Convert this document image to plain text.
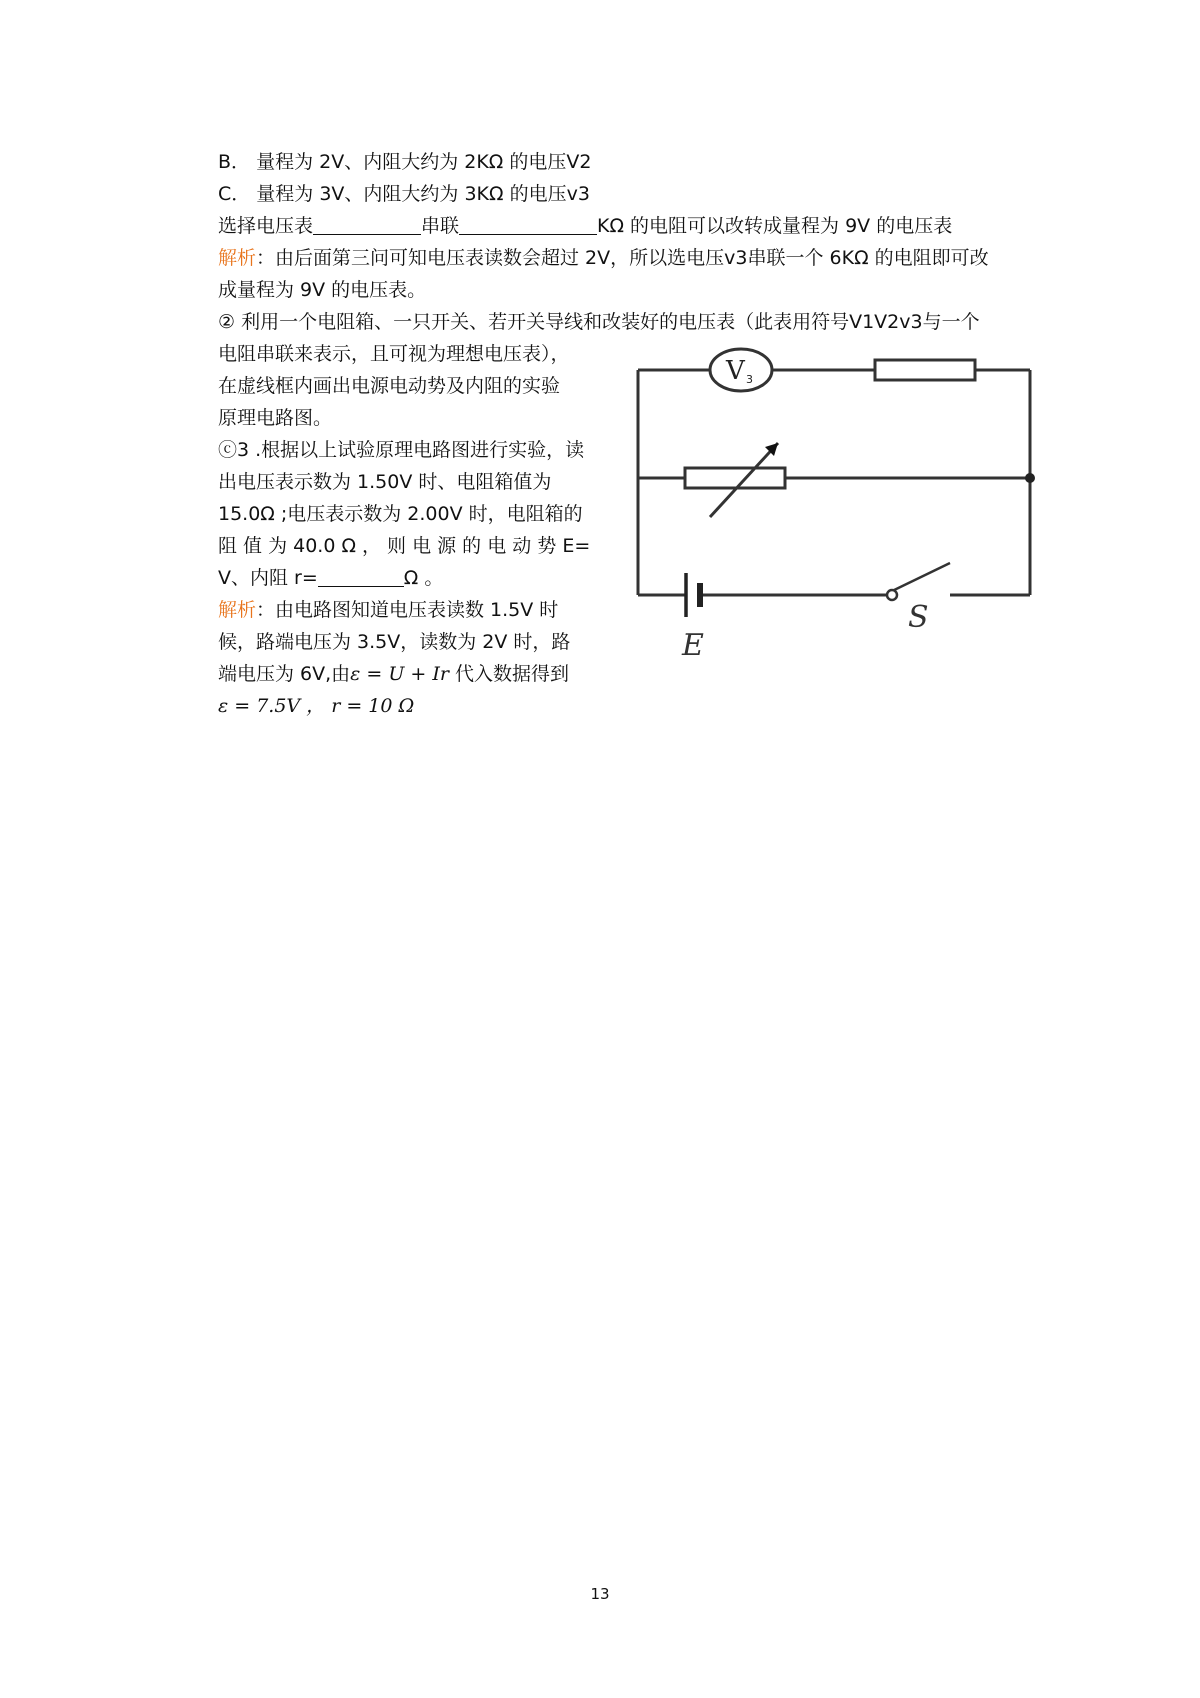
B． 量程为 2V、内阻大约为 2KΩ 的电压V2
C． 量程为 3V、内阻大约为 3KΩ 的电压v3
选择电压表	串联	KΩ 的电阻可以改转成量程为 9V 的电压表
解析：由后面第三问可知电压表读数会超过 2V，所以选电压v3串联一个 6KΩ 的电阻即可改
成量程为 9V 的电压表。
② 利用一个电阻箱、一只开关、若开关导线和改装好的电压表（此表用符号V1V2v3与一个
电阻串联来表示，且可视为理想电压表），
在虚线框内画出电源电动势及内阻的实验
原理电路图。
ⓒ3 .根据以上试验原理电路图进行实验，读
出电压表示数为 1.50V 时、电阻箱值为
15.0Ω ;电压表示数为 2.00V 时，电阻箱的
阻 值 为 40.0 Ω ， 则 电 源 的 电 动 势 E=
V、内阻 r=	Ω 。
解析：由电路图知道电压表读数 1.5V 时
候，路端电压为 3.5V，读数为 2V 时，路
端电压为 6V,由ε = U + Ir 代入数据得到
ε = 7.5V ， r = 10 Ω
V 3
E
S
13
